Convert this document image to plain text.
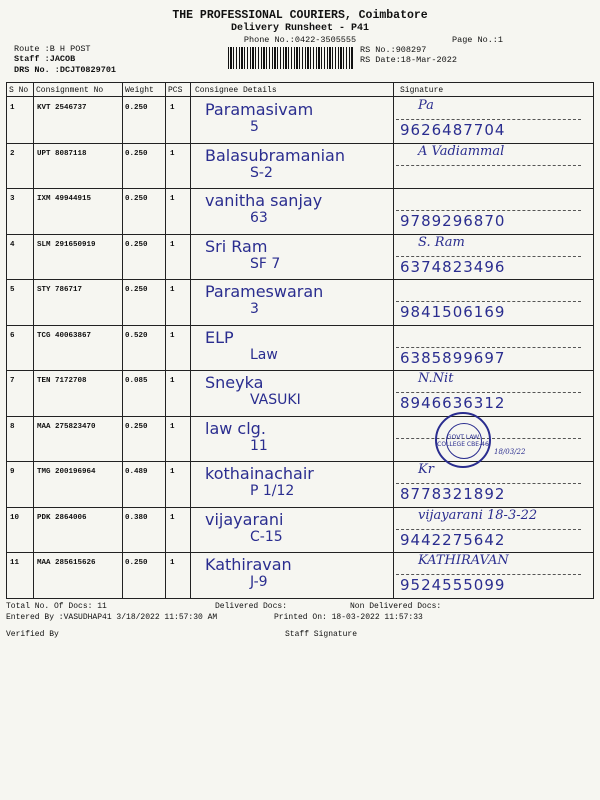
THE PROFESSIONAL COURIERS, Coimbatore
Delivery Runsheet - P41
Phone No.:0422-3505555	Page No.:1
Route :B H POST
Staff :JACOB
DRS No. :DCJT0829701
RS No.:908297
RS Date:18-Mar-2022
S No Consignment No	Weight PCS Consignee Details	Signature
1	KVT 2546737	0.250	1 Paramasivam
5
Pa
9626487704
2	UPT 8087118	0.250	1 Balasubramanian
S-2
A Vadiammal
3	IXM 49944915	0.250	1 vanitha sanjay
63	9789296870
4	SLM 291650919	0.250	1 Sri Ram
SF 7
S. Ram
6374823496
5	STY 786717	0.250	1 Parameswaran
3	9841506169
6	TCG 40063867	0.520	1 ELP
Law	6385899697
7	TEN 7172708	0.085	1 Sneyka
VASUKI
N.Nit
8946636312
8	MAA 275823470	0.250	1 law clg.
11
9	TMG 200196964	0.489	1 kothainachair
P 1/12
Kr
8778321892
10 PDK 2864006	0.380	1 vijayarani
C-15
vijayarani 18-3-22
9442275642
11 MAA 285615626	0.250	1 Kathiravan
J-9
KATHIRAVAN
9524555099
GOVT LAW COLLEGE CBE-46
18/03/22
Total No. Of Docs: 11	Delivered Docs:	Non Delivered Docs:
Entered By :VASUDHAP41 3/18/2022 11:57:30 AM	Printed On: 18-03-2022 11:57:33
Verified By	Staff Signature
